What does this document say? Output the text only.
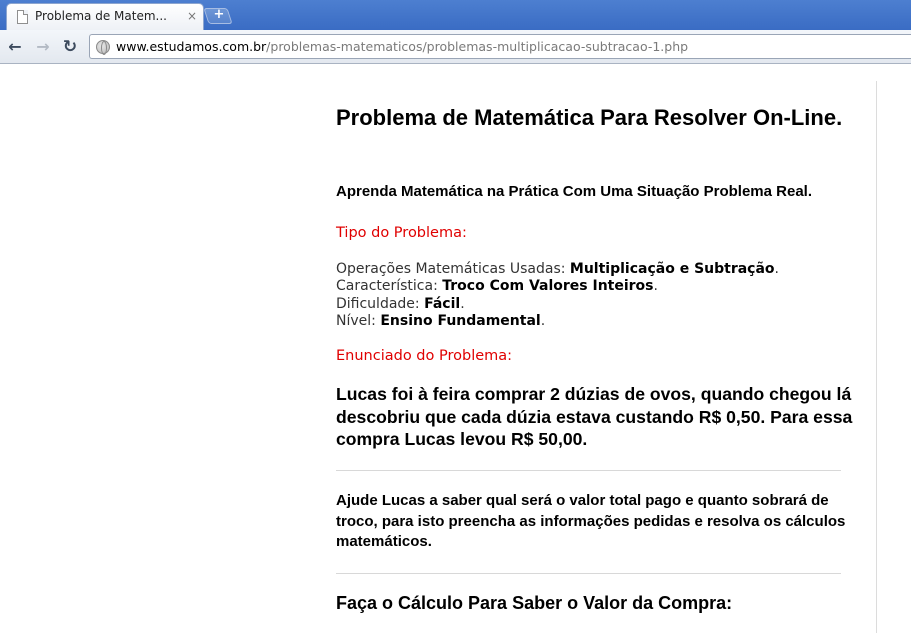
Problema de Matem...	× +
← → ↻	www.estudamos.com.br/problemas-matematicos/problemas-multiplicacao-subtracao-1.php
Problema de Matemática Para Resolver On-Line.
Aprenda Matemática na Prática Com Uma Situação Problema Real.
Tipo do Problema:
Operações Matemáticas Usadas: Multiplicação e Subtração.
Característica: Troco Com Valores Inteiros.
Dificuldade: Fácil.
Nível: Ensino Fundamental.
Enunciado do Problema:
Lucas foi à feira comprar 2 dúzias de ovos, quando chegou lá descobriu que cada dúzia estava custando R$ 0,50. Para essa compra Lucas levou R$ 50,00.
Ajude Lucas a saber qual será o valor total pago e quanto sobrará de troco, para isto preencha as informações pedidas e resolva os cálculos matemáticos.
Faça o Cálculo Para Saber o Valor da Compra:
